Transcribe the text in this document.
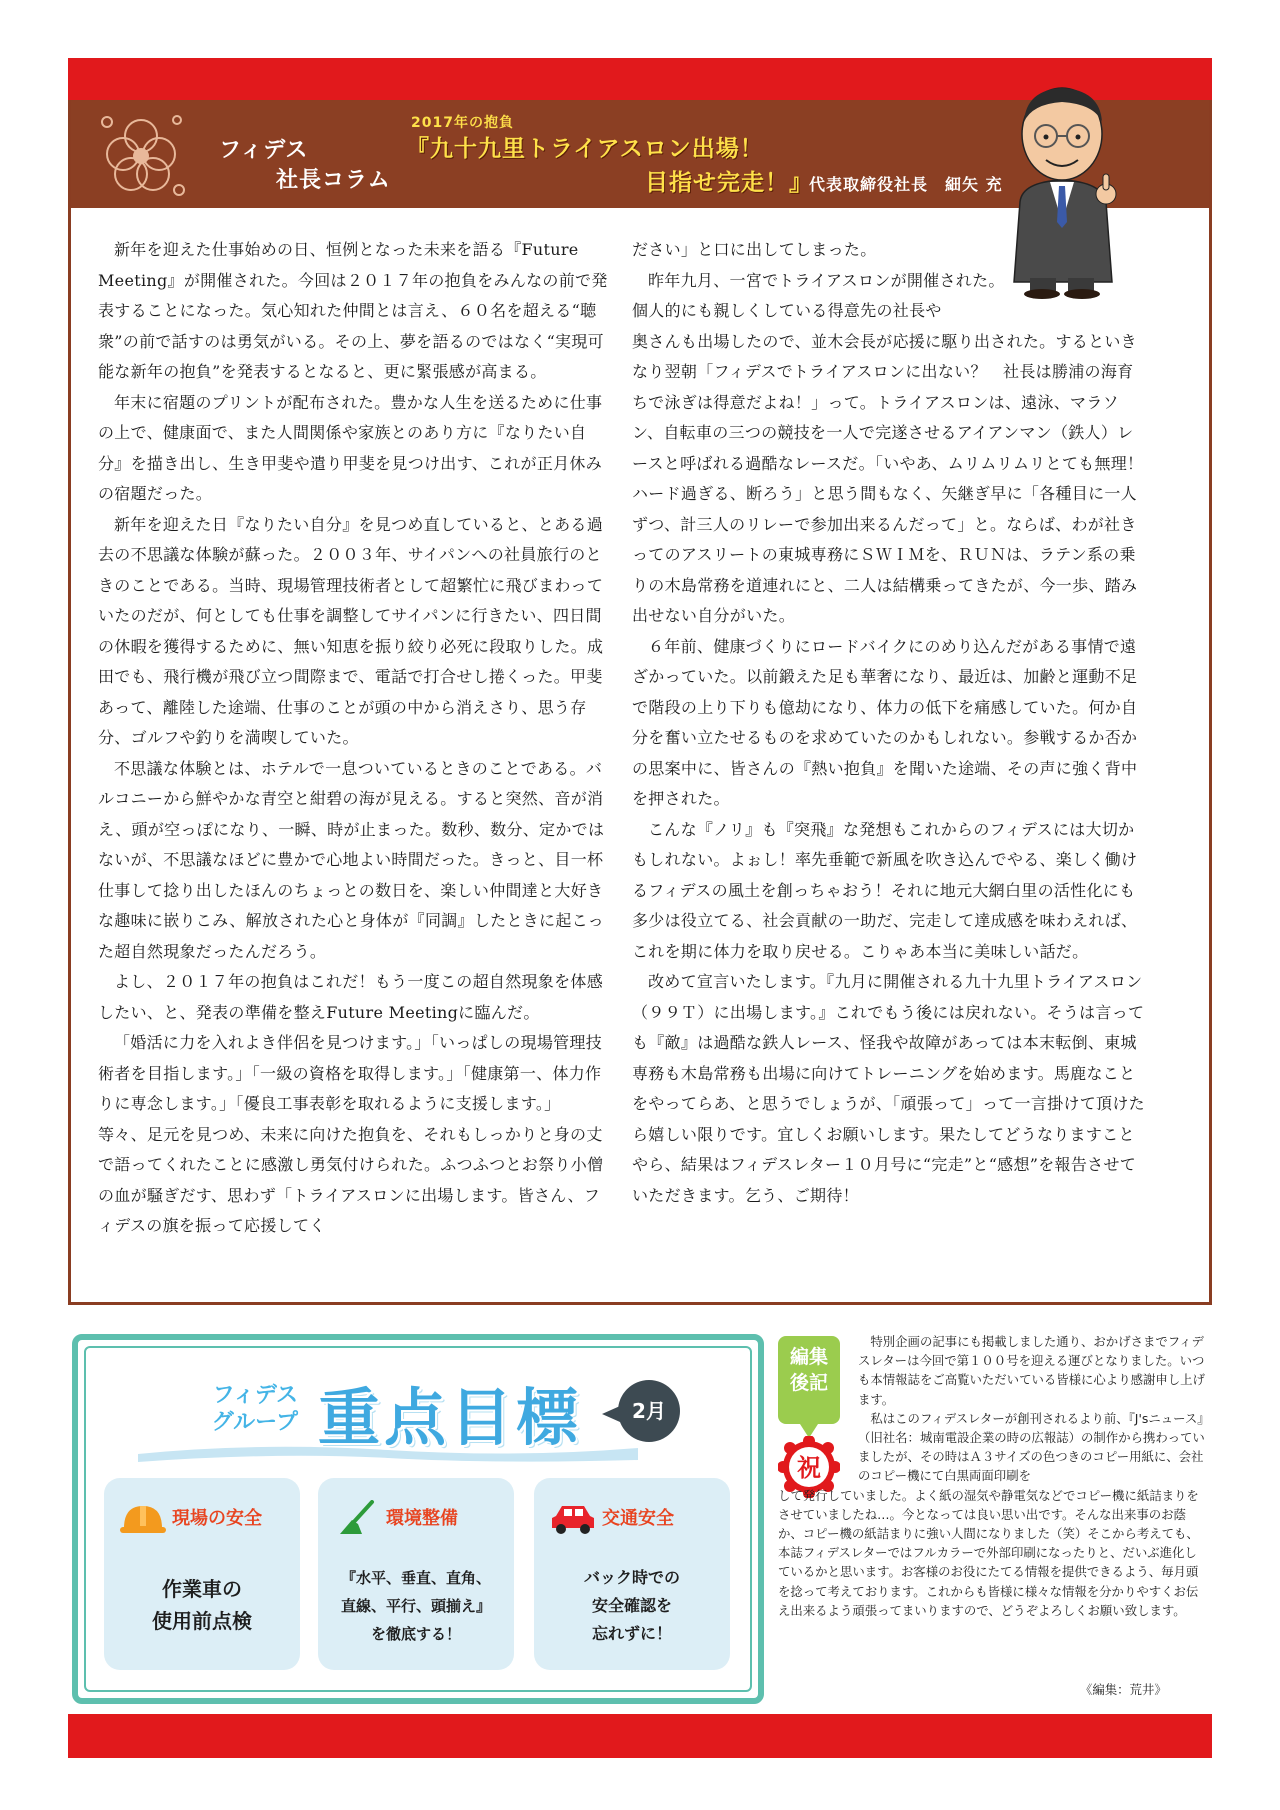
フィデス
社長コラム
2017年の抱負
『九十九里トライアスロン出場！
目指せ完走！』
代表取締役社長　細矢 充

新年を迎えた仕事始めの日、恒例となった未来を語る『Future Meeting』が開催された。今回は２０１７年の抱負をみんなの前で発表することになった。気心知れた仲間とは言え、６０名を超える“聴衆”の前で話すのは勇気がいる。その上、夢を語るのではなく“実現可能な新年の抱負”を発表するとなると、更に緊張感が高まる。

年末に宿題のプリントが配布された。豊かな人生を送るために仕事の上で、健康面で、また人間関係や家族とのあり方に『なりたい自分』を描き出し、生き甲斐や遣り甲斐を見つけ出す、これが正月休みの宿題だった。

新年を迎えた日『なりたい自分』を見つめ直していると、とある過去の不思議な体験が蘇った。２００３年、サイパンへの社員旅行のときのことである。当時、現場管理技術者として超繁忙に飛びまわっていたのだが、何としても仕事を調整してサイパンに行きたい、四日間の休暇を獲得するために、無い知恵を振り絞り必死に段取りした。成田でも、飛行機が飛び立つ間際まで、電話で打合せし捲くった。甲斐あって、離陸した途端、仕事のことが頭の中から消えさり、思う存分、ゴルフや釣りを満喫していた。

不思議な体験とは、ホテルで一息ついているときのことである。バルコニーから鮮やかな青空と紺碧の海が見える。すると突然、音が消え、頭が空っぽになり、一瞬、時が止まった。数秒、数分、定かではないが、不思議なほどに豊かで心地よい時間だった。きっと、目一杯仕事して捻り出したほんのちょっとの数日を、楽しい仲間達と大好きな趣味に嵌りこみ、解放された心と身体が『同調』したときに起こった超自然現象だったんだろう。

よし、２０１７年の抱負はこれだ！もう一度この超自然現象を体感したい、と、発表の準備を整えFuture Meetingに臨んだ。

「婚活に力を入れよき伴侶を見つけます。」「いっぱしの現場管理技術者を目指します。」「一級の資格を取得します。」「健康第一、体力作りに専念します。」「優良工事表彰を取れるように支援します。」等々、足元を見つめ、未来に向けた抱負を、それもしっかりと身の丈で語ってくれたことに感激し勇気付けられた。ふつふつとお祭り小僧の血が騒ぎだす、思わず「トライアスロンに出場します。皆さん、フィデスの旗を振って応援してく

ださい」と口に出してしまった。

昨年九月、一宮でトライアスロンが開催された。個人的にも親しくしている得意先の社長や

奥さんも出場したので、並木会長が応援に駆り出された。するといきなり翌朝「フィデスでトライアスロンに出ない？　社長は勝浦の海育ちで泳ぎは得意だよね！」って。トライアスロンは、遠泳、マラソン、自転車の三つの競技を一人で完遂させるアイアンマン（鉄人）レースと呼ばれる過酷なレースだ。「いやあ、ムリムリムリとても無理！ハード過ぎる、断ろう」と思う間もなく、矢継ぎ早に「各種目に一人ずつ、計三人のリレーで参加出来るんだって」と。ならば、わが社きってのアスリートの東城専務にＳＷＩＭを、ＲＵＮは、ラテン系の乗りの木島常務を道連れにと、二人は結構乗ってきたが、今一歩、踏み出せない自分がいた。

６年前、健康づくりにロードバイクにのめり込んだがある事情で遠ざかっていた。以前鍛えた足も華奢になり、最近は、加齢と運動不足で階段の上り下りも億劫になり、体力の低下を痛感していた。何か自分を奮い立たせるものを求めていたのかもしれない。参戦するか否かの思案中に、皆さんの『熱い抱負』を聞いた途端、その声に強く背中を押された。

こんな『ノリ』も『突飛』な発想もこれからのフィデスには大切かもしれない。よぉし！率先垂範で新風を吹き込んでやる、楽しく働けるフィデスの風土を創っちゃおう！それに地元大網白里の活性化にも多少は役立てる、社会貢献の一助だ、完走して達成感を味わえれば、これを期に体力を取り戻せる。こりゃあ本当に美味しい話だ。

改めて宣言いたします。『九月に開催される九十九里トライアスロン（９９Ｔ）に出場します。』これでもう後には戻れない。そうは言っても『敵』は過酷な鉄人レース、怪我や故障があっては本末転倒、東城専務も木島常務も出場に向けてトレーニングを始めます。馬鹿なことをやってらあ、と思うでしょうが、「頑張って」って一言掛けて頂けたら嬉しい限りです。宜しくお願いします。果たしてどうなりますことやら、結果はフィデスレター１０月号に“完走”と“感想”を報告させていただきます。乞う、ご期待！

フィデス
グループ 重点目標	2月
現場の安全
作業車の
使用前点検
環境整備
『水平、垂直、直角、
直線、平行、頭揃え』
を徹底する！
交通安全
バック時での
安全確認を
忘れずに！
編集
後記
祝

特別企画の記事にも掲載しました通り、おかげさまでフィデスレターは今回で第１００号を迎える運びとなりました。いつも本情報誌をご高覧いただいている皆様に心より感謝申し上げます。

私はこのフィデスレターが創刊されるより前、『J'sニュース』（旧社名：城南電設企業の時の広報誌）の制作から携わっていましたが、その時はＡ３サイズの色つきのコピー用紙に、会社のコピー機にて白黒両面印刷を

して発行していました。よく紙の湿気や静電気などでコピー機に紙詰まりをさせていましたね…。今となっては良い思い出です。そんな出来事のお蔭か、コピー機の紙詰まりに強い人間になりました（笑）そこから考えても、本誌フィデスレターではフルカラーで外部印刷になったりと、だいぶ進化しているかと思います。お客様のお役にたてる情報を提供できるよう、毎月頭を捻って考えております。これからも皆様に様々な情報を分かりやすくお伝え出来るよう頑張ってまいりますので、どうぞよろしくお願い致します。
《編集：荒井》
